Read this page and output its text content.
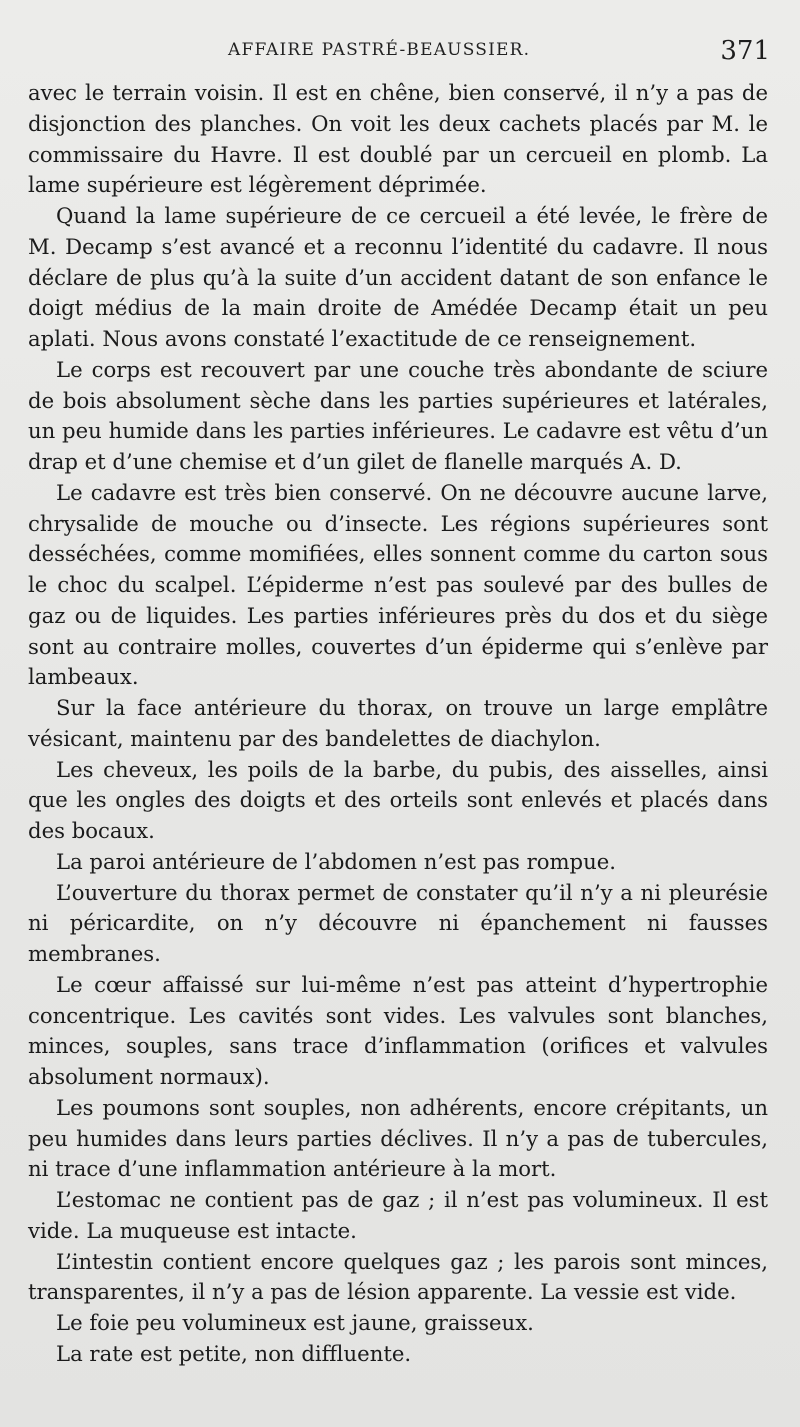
AFFAIRE PASTRÉ-BEAUSSIER.	371

avec le terrain voisin. Il est en chêne, bien conservé, il n’y a pas de disjonction des planches. On voit les deux cachets placés par M. le commissaire du Havre. Il est doublé par un cercueil en plomb. La lame supérieure est légèrement déprimée.

Quand la lame supérieure de ce cercueil a été levée, le frère de M. Decamp s’est avancé et a reconnu l’identité du cadavre. Il nous déclare de plus qu’à la suite d’un accident datant de son enfance le doigt médius de la main droite de Amédée Decamp était un peu aplati. Nous avons constaté l’exactitude de ce renseignement.

Le corps est recouvert par une couche très abondante de sciure de bois absolument sèche dans les parties supérieures et latérales, un peu humide dans les parties inférieures. Le cadavre est vêtu d’un drap et d’une chemise et d’un gilet de flanelle marqués A. D.

Le cadavre est très bien conservé. On ne découvre aucune larve, chrysalide de mouche ou d’insecte. Les régions supérieures sont desséchées, comme momifiées, elles sonnent comme du carton sous le choc du scalpel. L’épiderme n’est pas soulevé par des bulles de gaz ou de liquides. Les parties inférieures près du dos et du siège sont au contraire molles, couvertes d’un épiderme qui s’enlève par lambeaux.

Sur la face antérieure du thorax, on trouve un large emplâtre vésicant, maintenu par des bandelettes de diachylon.

Les cheveux, les poils de la barbe, du pubis, des aisselles, ainsi que les ongles des doigts et des orteils sont enlevés et placés dans des bocaux.

La paroi antérieure de l’abdomen n’est pas rompue.

L’ouverture du thorax permet de constater qu’il n’y a ni pleurésie ni péricardite, on n’y découvre ni épanchement ni fausses membranes.

Le cœur affaissé sur lui-même n’est pas atteint d’hypertrophie concentrique. Les cavités sont vides. Les valvules sont blanches, minces, souples, sans trace d’inflammation (orifices et valvules absolument normaux).

Les poumons sont souples, non adhérents, encore crépitants, un peu humides dans leurs parties déclives. Il n’y a pas de tubercules, ni trace d’une inflammation antérieure à la mort.

L’estomac ne contient pas de gaz ; il n’est pas volumineux. Il est vide. La muqueuse est intacte.

L’intestin contient encore quelques gaz ; les parois sont minces, transparentes, il n’y a pas de lésion apparente. La vessie est vide.

Le foie peu volumineux est jaune, graisseux.

La rate est petite, non diffluente.
